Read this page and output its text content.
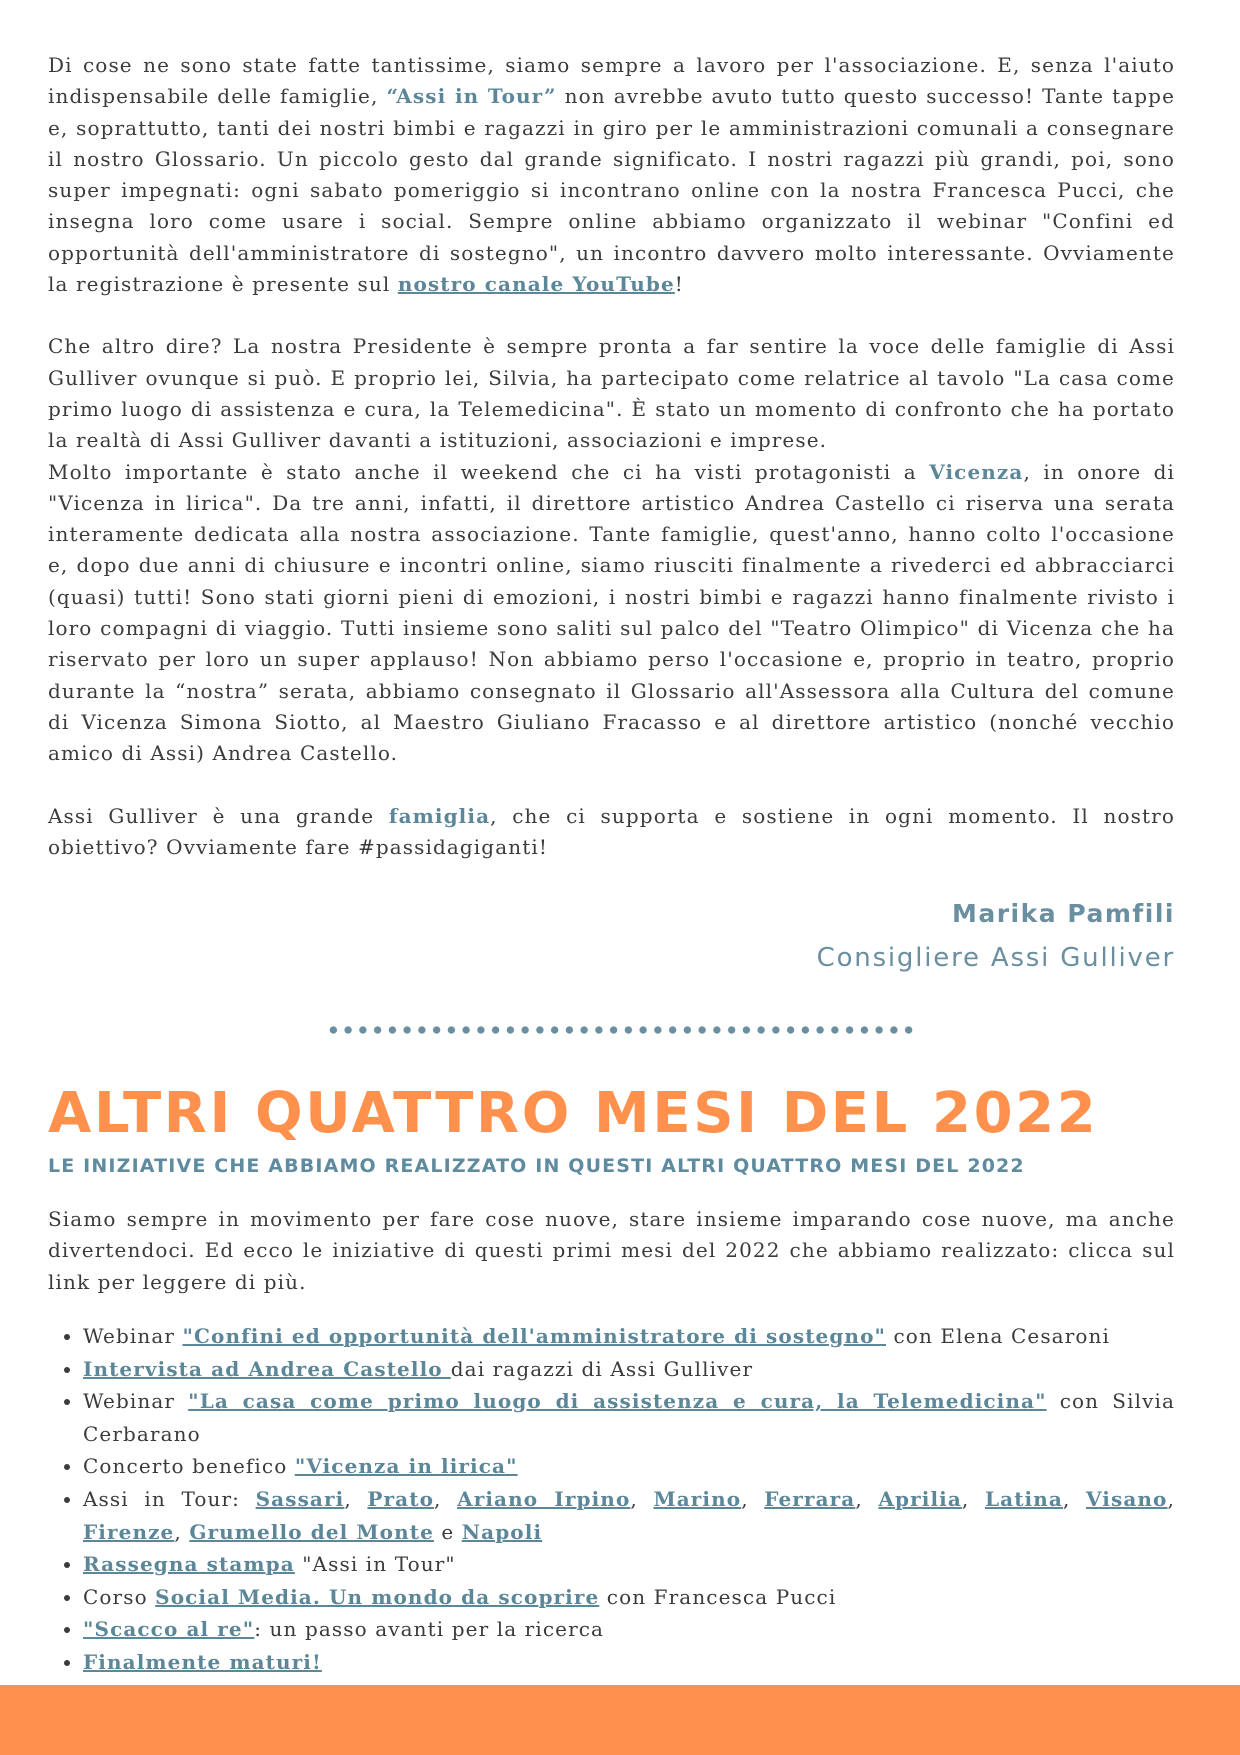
Di cose ne sono state fatte tantissime, siamo sempre a lavoro per l'associazione. E, senza l'aiuto indispensabile delle famiglie, “Assi in Tour” non avrebbe avuto tutto questo successo! Tante tappe e, soprattutto, tanti dei nostri bimbi e ragazzi in giro per le amministrazioni comunali a consegnare il nostro Glossario. Un piccolo gesto dal grande significato. I nostri ragazzi più grandi, poi, sono super impegnati: ogni sabato pomeriggio si incontrano online con la nostra Francesca Pucci, che insegna loro come usare i social. Sempre online abbiamo organizzato il webinar "Confini ed opportunità dell'amministratore di sostegno", un incontro davvero molto interessante. Ovviamente la registrazione è presente sul nostro canale YouTube!

Che altro dire? La nostra Presidente è sempre pronta a far sentire la voce delle famiglie di Assi Gulliver ovunque si può. E proprio lei, Silvia, ha partecipato come relatrice al tavolo "La casa come primo luogo di assistenza e cura, la Telemedicina". È stato un momento di confronto che ha portato la realtà di Assi Gulliver davanti a istituzioni, associazioni e imprese.

Molto importante è stato anche il weekend che ci ha visti protagonisti a Vicenza, in onore di "Vicenza in lirica". Da tre anni, infatti, il direttore artistico Andrea Castello ci riserva una serata interamente dedicata alla nostra associazione. Tante famiglie, quest'anno, hanno colto l'occasione e, dopo due anni di chiusure e incontri online, siamo riusciti finalmente a rivederci ed abbracciarci (quasi) tutti! Sono stati giorni pieni di emozioni, i nostri bimbi e ragazzi hanno finalmente rivisto i loro compagni di viaggio. Tutti insieme sono saliti sul palco del "Teatro Olimpico" di Vicenza che ha riservato per loro un super applauso! Non abbiamo perso l'occasione e, proprio in teatro, proprio durante la “nostra” serata, abbiamo consegnato il Glossario all'Assessora alla Cultura del comune di Vicenza Simona Siotto, al Maestro Giuliano Fracasso e al direttore artistico (nonché vecchio amico di Assi) Andrea Castello.

Assi Gulliver è una grande famiglia, che ci supporta e sostiene in ogni momento. Il nostro obiettivo? Ovviamente fare #passidagiganti!

Marika Pamfili
Consigliere Assi Gulliver
ALTRI QUATTRO MESI DEL 2022
LE INIZIATIVE CHE ABBIAMO REALIZZATO IN QUESTI ALTRI QUATTRO MESI DEL 2022

Siamo sempre in movimento per fare cose nuove, stare insieme imparando cose nuove, ma anche divertendoci. Ed ecco le iniziative di questi primi mesi del 2022 che abbiamo realizzato: clicca sul link per leggere di più.

• Webinar "Confini ed opportunità dell'amministratore di sostegno" con Elena Cesaroni
• Intervista ad Andrea Castello dai ragazzi di Assi Gulliver
• Webinar "La casa come primo luogo di assistenza e cura, la Telemedicina" con Silvia Cerbarano
• Concerto benefico "Vicenza in lirica"
• Assi in Tour: Sassari, Prato, Ariano Irpino, Marino, Ferrara, Aprilia, Latina, Visano, Firenze, Grumello del Monte e Napoli
• Rassegna stampa "Assi in Tour"
• Corso Social Media. Un mondo da scoprire con Francesca Pucci
• "Scacco al re": un passo avanti per la ricerca
• Finalmente maturi!
